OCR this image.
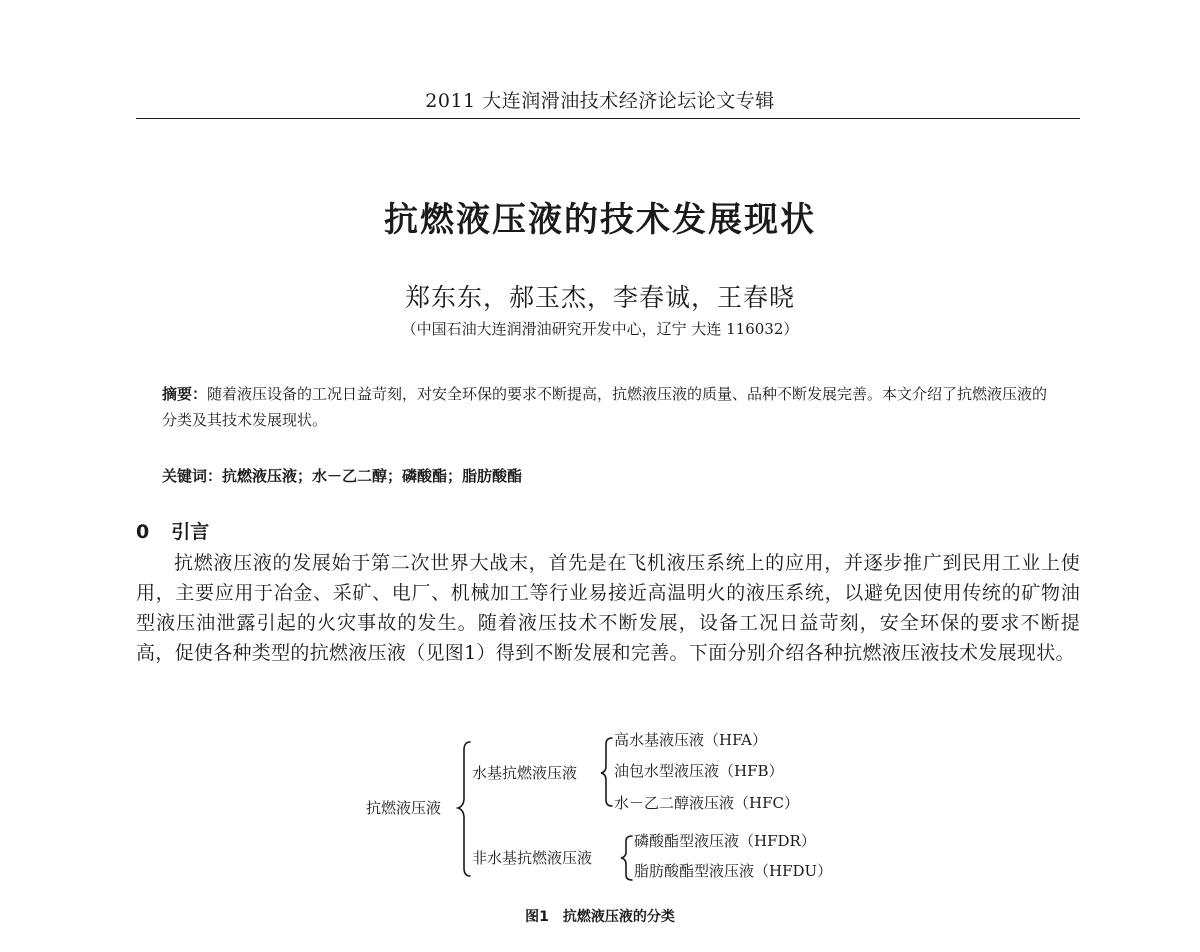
2011 大连润滑油技术经济论坛论文专辑
抗燃液压液的技术发展现状
郑东东，郝玉杰，李春诚，王春晓
（中国石油大连润滑油研究开发中心，辽宁 大连 116032）
摘要：随着液压设备的工况日益苛刻，对安全环保的要求不断提高，抗燃液压液的质量、品种不断发展完善。本文介绍了抗燃液压液的分类及其技术发展现状。
关键词：抗燃液压液；水－乙二醇；磷酸酯；脂肪酸酯
0 引言
抗燃液压液的发展始于第二次世界大战末，首先是在飞机液压系统上的应用，并逐步推广到民用工业上使用，主要应用于冶金、采矿、电厂、机械加工等行业易接近高温明火的液压系统，以避免因使用传统的矿物油型液压油泄露引起的火灾事故的发生。随着液压技术不断发展，设备工况日益苛刻，安全环保的要求不断提高，促使各种类型的抗燃液压液（见图1）得到不断发展和完善。下面分别介绍各种抗燃液压液技术发展现状。
抗燃液压液
水基抗燃液压液
高水基液压液（HFA）
油包水型液压液（HFB）
水－乙二醇液压液（HFC）
非水基抗燃液压液
磷酸酯型液压液（HFDR）
脂肪酸酯型液压液（HFDU）
图1 抗燃液压液的分类
